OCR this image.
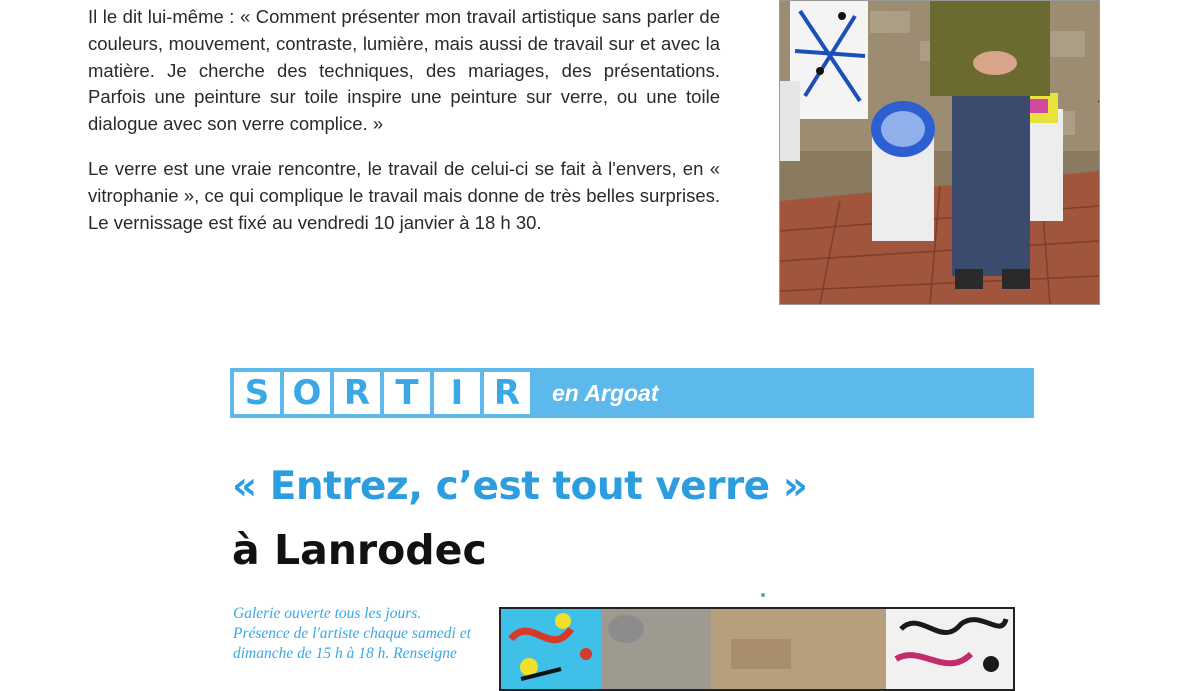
Il le dit lui-même : « Comment présenter mon travail artistique sans parler de couleurs, mouvement, contraste, lumière, mais aussi de travail sur et avec la matière. Je cherche des techniques, des mariages, des présentations. Parfois une peinture sur toile inspire une peinture sur verre, ou une toile dialogue avec son verre complice. »

Le verre est une vraie rencontre, le travail de celui-ci se fait à l'envers, en « vitrophanie », ce qui complique le travail mais donne de très belles surprises. Le vernissage est fixé au vendredi 10 janvier à 18 h 30.

S O R T I R	en Argoat
« Entrez, c’est tout verre »
à Lanrodec
Galerie ouverte tous les jours. Présence de l'artiste chaque samedi et dimanche de 15 h à 18 h. Renseigne
